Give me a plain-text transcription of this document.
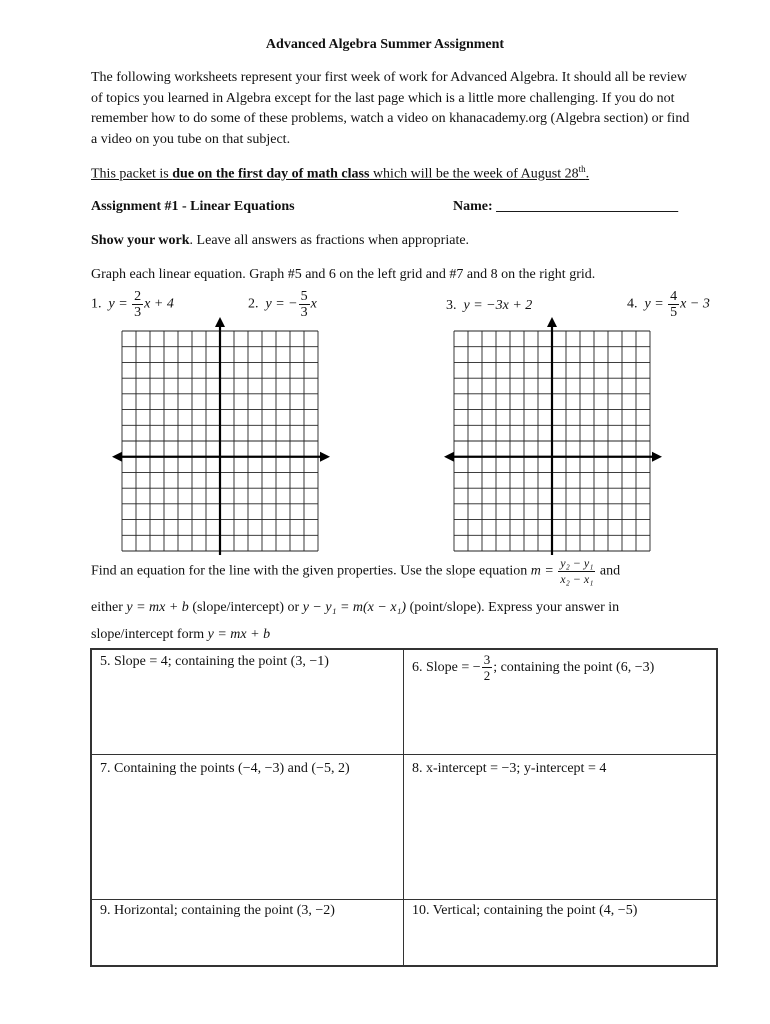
Advanced Algebra Summer Assignment
The following worksheets represent your first week of work for Advanced Algebra. It should all be review
of topics you learned in Algebra except for the last page which is a little more challenging. If you do not
remember how to do some of these problems, watch a video on khanacademy.org (Algebra section) or find
a video on you tube on that subject.
This packet is due on the first day of math class which will be the week of August 28th.
Assignment #1 - Linear Equations	Name: __________________________
Show your work. Leave all answers as fractions when appropriate.
Graph each linear equation. Graph #5 and 6 on the left grid and #7 and 8 on the right grid.
1. $y = \frac{2}{3}$ x + 4	2. y = − $\frac{5}{3}$ x	3. y = −3x + 2	4. $y = \frac{4}{5}$ x − 3
Find an equation for the line with the given properties. Use the slope equation $m = \frac{\text{y₂ − y₁}}{\text{x₂ − x₁}}$ and
either y = mx + b (slope/intercept) or y − y₁ = m(x − x₁) (point/slope). Express your answer in
slope/intercept form y = mx + b
5. Slope = 4; containing the point (3, −1)	6. Slope = − $\frac{3}{2}$ ; containing the point (6, −3)
7. Containing the points (−4, −3) and (−5, 2)	8. x-intercept = −3; y-intercept = 4
9. Horizontal; containing the point (3, −2)	10. Vertical; containing the point (4, −5)
